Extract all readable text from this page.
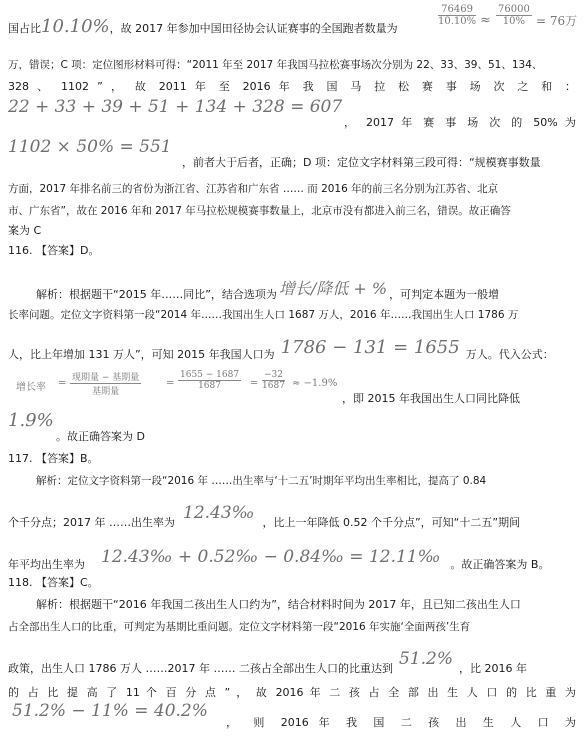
国占比10.10%，故 2017 年参加中国田径协会认证赛事的全国跑者数量为
$\frac{76469}{10.10\%} \approx \frac{76000}{10\%} = 76$万
万，错误；C 项：定位图形材料可得：“2011 年至 2017 年我国马拉松赛事场次分别为 22、33、39、51、134、
328 、 1102 ” ， 故 2011 年 至 2016 年 我 国 马 拉 松 赛 事 场 次 之 和 ：
22 + 33 + 39 + 51 + 134 + 328 = 607
， 2017 年 赛 事 场 次 的 50% 为
1102 × 50% = 551
，前者大于后者，正确；D 项：定位文字材料第三段可得：“规模赛事数量
方面，2017 年排名前三的省份为浙江省、江苏省和广东省 …… 而 2016 年的前三名分别为江苏省、北京
市、广东省”，故在 2016 年和 2017 年马拉松规模赛事数量上，北京市没有都进入前三名，错误。故正确答
案为 C
116. 【答案】D。
解析：根据题干“2015 年……同比”，结合选项为 增长/降低 + % ，可判定本题为一般增
长率问题。定位文字资料第一段“2014 年……我国出生人口 1687 万人，2016 年……我国出生人口 1786 万
人，比上年增加 131 万人”，可知 2015 年我国人口为 1786 − 131 = 1655 万人。代入公式：
增长率 = 现期量 − 基期量
基期量
= $\frac{1655 - 1687}{1687} = \frac{-32}{1687} \approx -1.9\%$
，即 2015 年我国出生人口同比降低
1.9%
。故正确答案为 D
117. 【答案】B。
解析：定位文字资料第一段“2016 年 ……出生率与‘十二五’时期年平均出生率相比，提高了 0.84
个千分点；2017 年 ……出生率为 12.43‰ ，比上一年降低 0.52 个千分点”，可知“十二五”期间
年平均出生率为 12.43‰ + 0.52‰ − 0.84‰ = 12.11‰ 。故正确答案为 B。
118. 【答案】C。
解析：根据题干“2016 年我国二孩出生人口约为”，结合材料时间为 2017 年，且已知二孩出生人口
占全部出生人口的比重，可判定为基期比重问题。定位文字材料第一段“2016 年实施‘全面两孩’生育
政策，出生人口 1786 万人 ……2017 年 …… 二孩占全部出生人口的比重达到 51.2% ，比 2016 年
的 占 比 提 高 了 11 个 百 分 点 ” ， 故 2016 年 二 孩 占 全 部 出 生 人 口 的 比 重 为
51.2% − 11% = 40.2%
， 则 2016 年 我 国 二 孩 出 生 人 口 为
